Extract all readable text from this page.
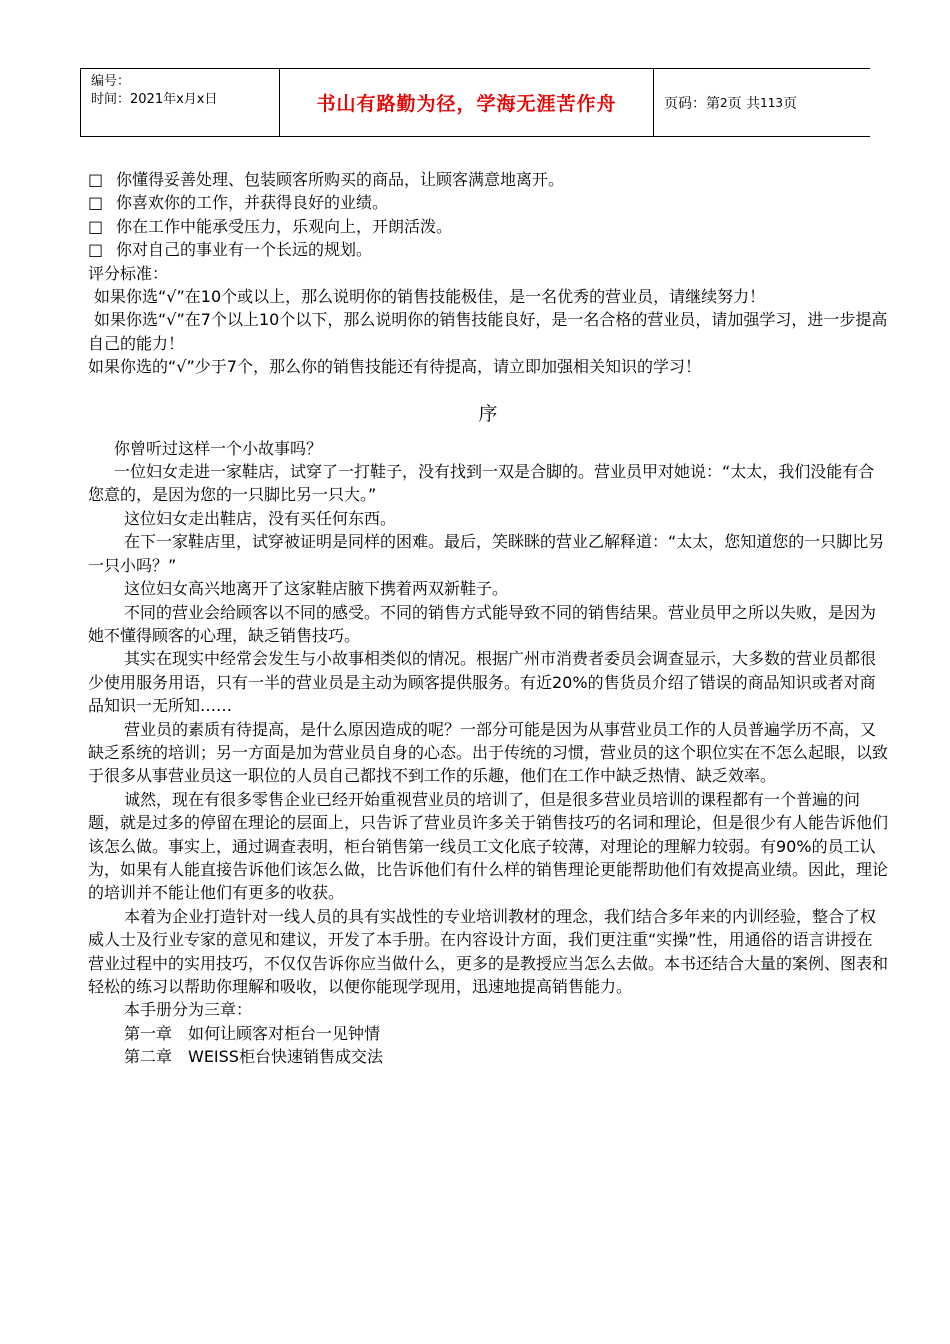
编号：
时间：2021年x月x日	书山有路勤为径，学海无涯苦作舟	页码：第 2 页 共 113 页
□ 你懂得妥善处理、包装顾客所购买的商品，让顾客满意地离开。
□ 你喜欢你的工作，并获得良好的业绩。
□ 你在工作中能承受压力，乐观向上，开朗活泼。
□ 你对自己的事业有一个长远的规划。

评分标准：

如果你选“√”在10个或以上，那么说明你的销售技能极佳，是一名优秀的营业员，请继续努力！

如果你选“√”在7个以上10个以下，那么说明你的销售技能良好，是一名合格的营业员，请加强学习，进一步提高自己的能力！

如果你选的“√”少于7个，那么你的销售技能还有待提高，请立即加强相关知识的学习！

序

你曾听过这样一个小故事吗？

一位妇女走进一家鞋店，试穿了一打鞋子，没有找到一双是合脚的。营业员甲对她说：“太太，我们没能有合您意的，是因为您的一只脚比另一只大。”

这位妇女走出鞋店，没有买任何东西。

在下一家鞋店里，试穿被证明是同样的困难。最后，笑眯眯的营业乙解释道：“太太，您知道您的一只脚比另一只小吗？”

这位妇女高兴地离开了这家鞋店腋下携着两双新鞋子。

不同的营业会给顾客以不同的感受。不同的销售方式能导致不同的销售结果。营业员甲之所以失败，是因为她不懂得顾客的心理，缺乏销售技巧。

其实在现实中经常会发生与小故事相类似的情况。根据广州市消费者委员会调查显示，大多数的营业员都很少使用服务用语，只有一半的营业员是主动为顾客提供服务。有近20%的售货员介绍了错误的商品知识或者对商品知识一无所知……

营业员的素质有待提高，是什么原因造成的呢？一部分可能是因为从事营业员工作的人员普遍学历不高，又缺乏系统的培训；另一方面是加为营业员自身的心态。出于传统的习惯，营业员的这个职位实在不怎么起眼，以致于很多从事营业员这一职位的人员自己都找不到工作的乐趣，他们在工作中缺乏热情、缺乏效率。

诚然，现在有很多零售企业已经开始重视营业员的培训了，但是很多营业员培训的课程都有一个普遍的问题，就是过多的停留在理论的层面上，只告诉了营业员许多关于销售技巧的名词和理论，但是很少有人能告诉他们该怎么做。事实上，通过调查表明，柜台销售第一线员工文化底子较薄，对理论的理解力较弱。有90%的员工认为，如果有人能直接告诉他们该怎么做，比告诉他们有什么样的销售理论更能帮助他们有效提高业绩。因此，理论的培训并不能让他们有更多的收获。

本着为企业打造针对一线人员的具有实战性的专业培训教材的理念，我们结合多年来的内训经验，整合了权威人士及行业专家的意见和建议，开发了本手册。在内容设计方面，我们更注重“实操”性，用通俗的语言讲授在营业过程中的实用技巧，不仅仅告诉你应当做什么，更多的是教授应当怎么去做。本书还结合大量的案例、图表和轻松的练习以帮助你理解和吸收，以便你能现学现用，迅速地提高销售能力。

本手册分为三章：

第一章　如何让顾客对柜台一见钟情

第二章　WEISS柜台快速销售成交法
